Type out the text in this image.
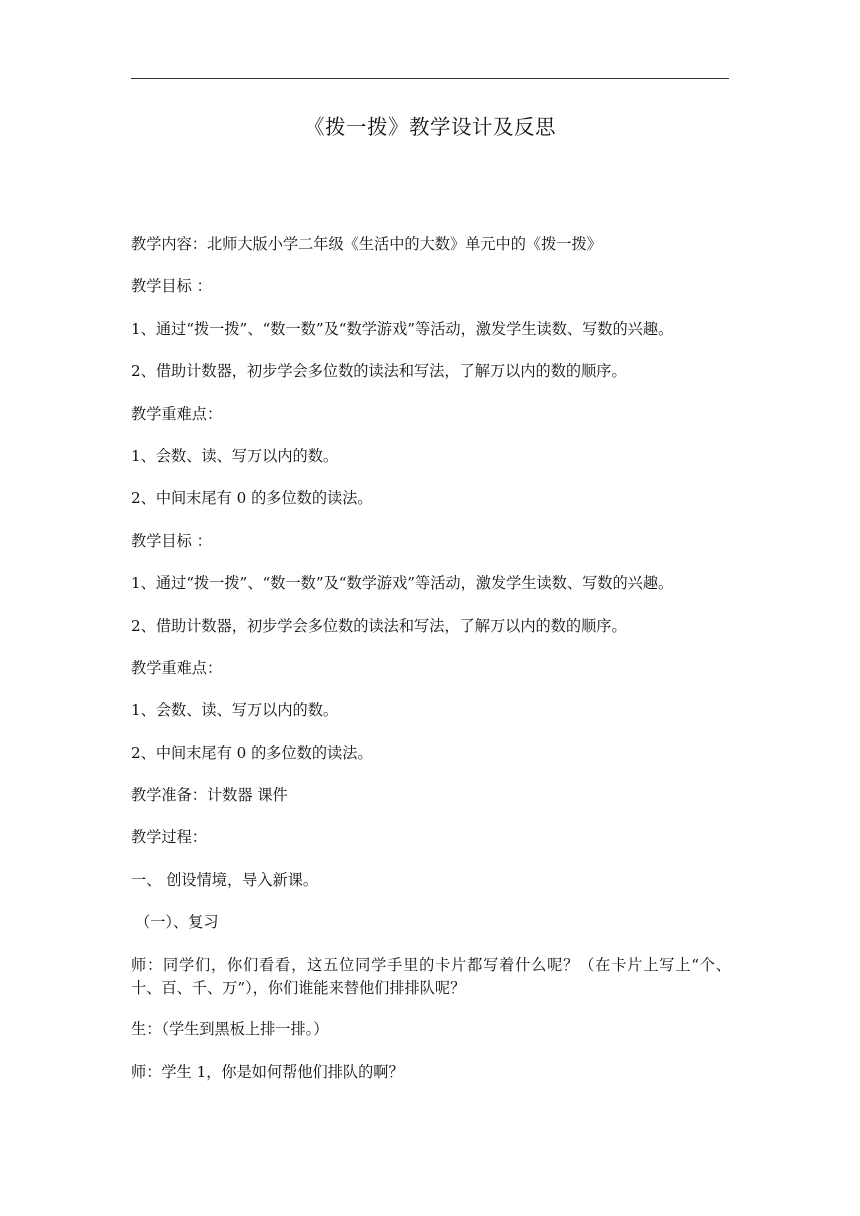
《拨一拨》教学设计及反思

教学内容：北师大版小学二年级《生活中的大数》单元中的《拨一拨》

教学目标 ：

1、通过“拨一拨”、“数一数”及“数学游戏”等活动，激发学生读数、写数的兴趣。

2、借助计数器，初步学会多位数的读法和写法，了解万以内的数的顺序。

教学重难点：

1、会数、读、写万以内的数。

2、中间末尾有 0 的多位数的读法。

教学目标 ：

1、通过“拨一拨”、“数一数”及“数学游戏”等活动，激发学生读数、写数的兴趣。

2、借助计数器，初步学会多位数的读法和写法，了解万以内的数的顺序。

教学重难点：

1、会数、读、写万以内的数。

2、中间末尾有 0 的多位数的读法。

教学准备：计数器 课件

教学过程：

一、 创设情境，导入新课。

（一）、复习

师：同学们，你们看看，这五位同学手里的卡片都写着什么呢？（在卡片上写上“个、十、百、千、万”），你们谁能来替他们排排队呢？

生：（学生到黑板上排一排。）

师：学生 1，你是如何帮他们排队的啊？
